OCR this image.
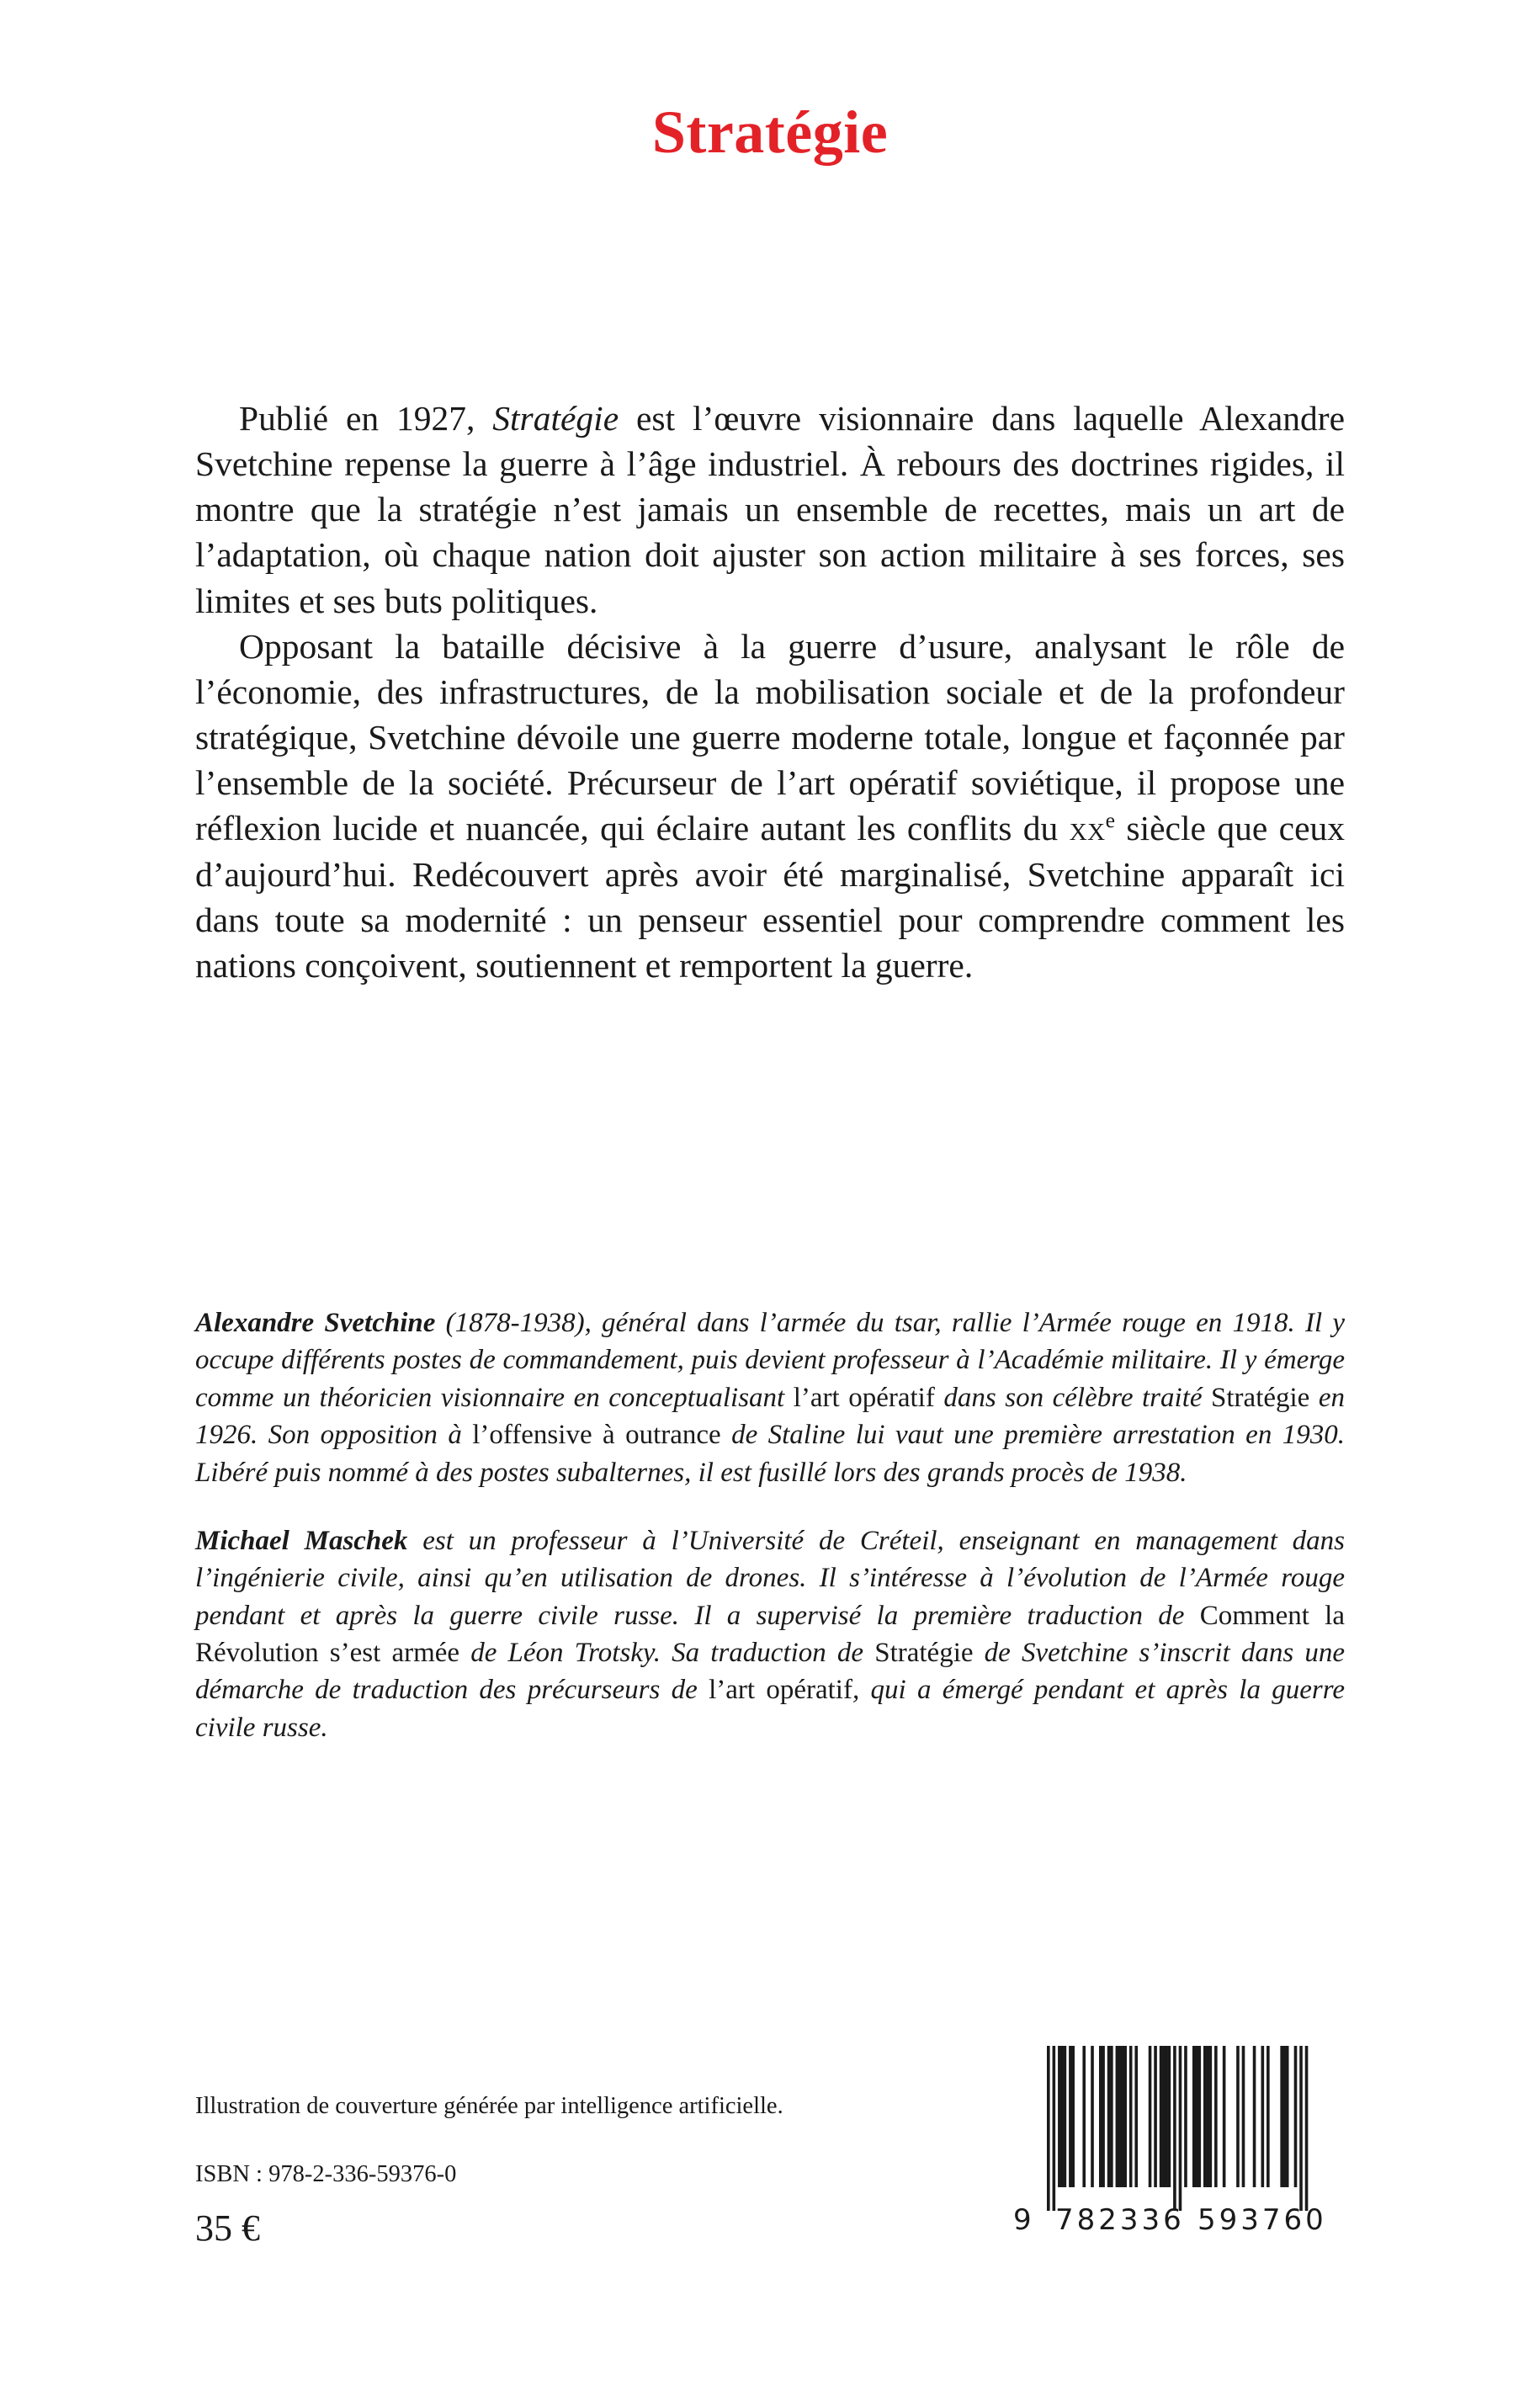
Stratégie

Publié en 1927, Stratégie est l’œuvre visionnaire dans laquelle Alexandre Svetchine repense la guerre à l’âge industriel. À rebours des doctrines rigides, il montre que la stratégie n’est jamais un ensemble de recettes, mais un art de l’adaptation, où chaque nation doit ajuster son action militaire à ses forces, ses limites et ses buts politiques.

Opposant la bataille décisive à la guerre d’usure, analysant le rôle de l’économie, des infrastructures, de la mobilisation sociale et de la profondeur stratégique, Svetchine dévoile une guerre moderne totale, longue et façonnée par l’ensemble de la société. Précurseur de l’art opératif soviétique, il propose une réflexion lucide et nuancée, qui éclaire autant les conflits du $xx^e$ siècle que ceux d’aujourd’hui. Redécouvert après avoir été marginalisé, Svetchine apparaît ici dans toute sa modernité : un penseur essentiel pour comprendre comment les nations conçoivent, soutiennent et remportent la guerre.

Alexandre Svetchine (1878-1938), général dans l’armée du tsar, rallie l’Armée rouge en 1918. Il y occupe différents postes de commandement, puis devient professeur à l’Académie militaire. Il y émerge comme un théoricien visionnaire en conceptualisant l’art opératif dans son célèbre traité Stratégie en 1926. Son opposition à l’offensive à outrance de Staline lui vaut une première arrestation en 1930. Libéré puis nommé à des postes subalternes, il est fusillé lors des grands procès de 1938.

Michael Maschek est un professeur à l’Université de Créteil, enseignant en management dans l’ingénierie civile, ainsi qu’en utilisation de drones. Il s’intéresse à l’évolution de l’Armée rouge pendant et après la guerre civile russe. Il a supervisé la première traduction de Comment la Révolution s’est armée de Léon Trotsky. Sa traduction de Stratégie de Svetchine s’inscrit dans une démarche de traduction des précurseurs de l’art opératif, qui a émergé pendant et après la guerre civile russe.

Illustration de couverture générée par intelligence artificielle.
ISBN : 978-2-336-59376-0
35 €	9 782336 593760
